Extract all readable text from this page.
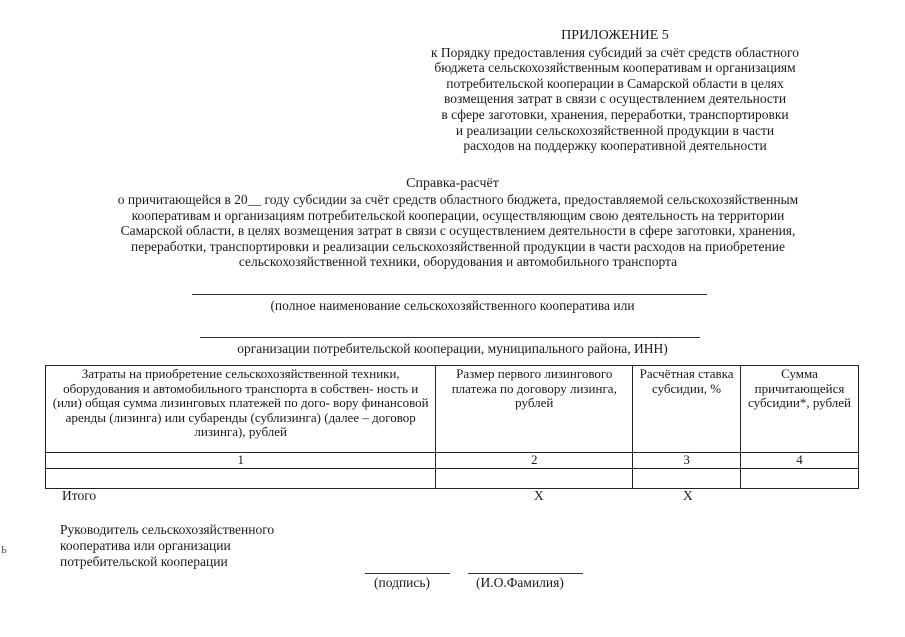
ПРИЛОЖЕНИЕ 5
к Порядку предоставления субсидий за счёт средств областного
бюджета сельскохозяйственным кооперативам и организациям
потребительской кооперации в Самарской области в целях
возмещения затрат в связи с осуществлением деятельности
в сфере заготовки, хранения, переработки, транспортировки
и реализации сельскохозяйственной продукции в части
расходов на поддержку кооперативной деятельности
Справка-расчёт
о причитающейся в 20__ году субсидии за счёт средств областного бюджета, предоставляемой сельскохозяйственным
кооперативам и организациям потребительской кооперации, осуществляющим свою деятельность на территории
Самарской области, в целях возмещения затрат в связи с осуществлением деятельности в сфере заготовки, хранения,
переработки, транспортировки и реализации сельскохозяйственной продукции в части расходов на приобретение
сельскохозяйственной техники, оборудования и автомобильного транспорта
(полное наименование сельскохозяйственного кооператива или
организации потребительской кооперации, муниципального района, ИНН)
Затраты на приобретение сельскохозяйственной техники, оборудования и автомобильного транспорта в собствен- ность и (или) общая сумма лизинговых платежей по дого- вору финансовой аренды (лизинга) или субаренды (сублизинга) (далее – договор лизинга), рублей	Размер первого лизингового платежа по договору лизинга, рублей	Расчётная ставка субсидии, %	Сумма причитающейся субсидии*, рублей
1	2	3	4

Итого	Х	Х
Руководитель сельскохозяйственного
кооператива или организации
потребительской кооперации
(подпись)	(И.О.Фамилия)
Ь
